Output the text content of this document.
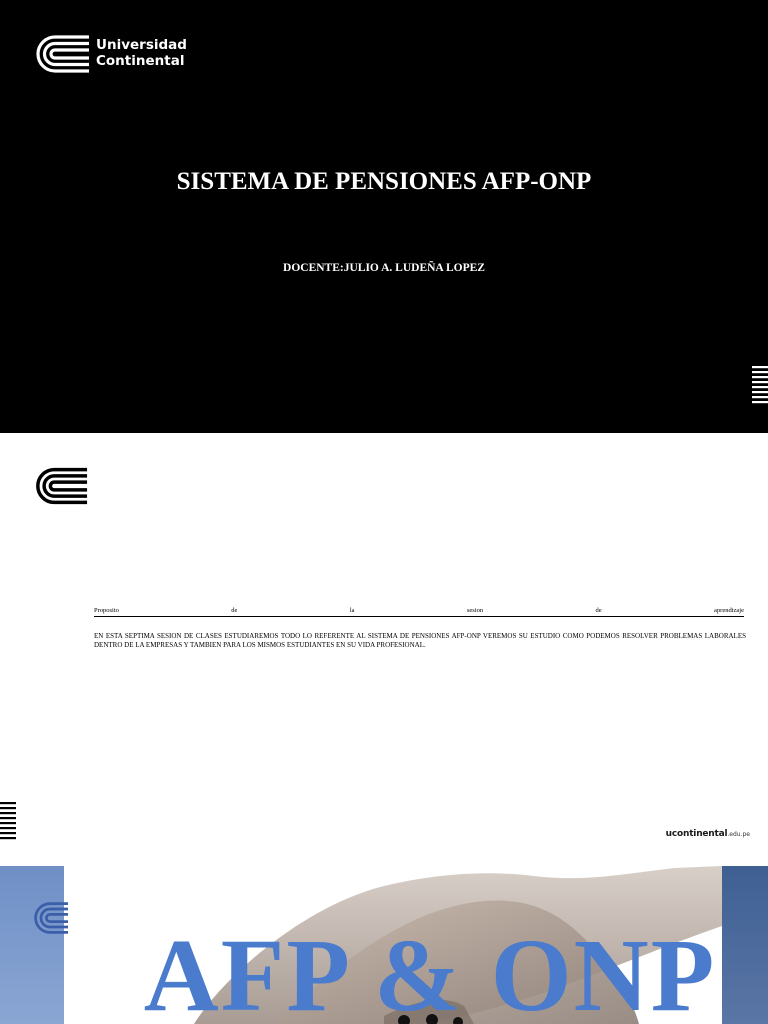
Universidad
Continental
SISTEMA DE PENSIONES AFP-ONP
DOCENTE:JULIO A. LUDEÑA LOPEZ
Proposito	de	la	sesion	de	aprendizaje
EN ESTA SEPTIMA SESION DE CLASES ESTUDIAREMOS TODO LO REFERENTE AL SISTEMA DE PENSIONES AFP-ONP VEREMOS SU ESTUDIO COMO PODEMOS RESOLVER PROBLEMAS LABORALES DENTRO DE LA EMPRESAS Y TAMBIEN PARA LOS MISMOS ESTUDIANTES EN SU VIDA PROFESIONAL.
ucontinental.edu.pe
AFP & ONP
